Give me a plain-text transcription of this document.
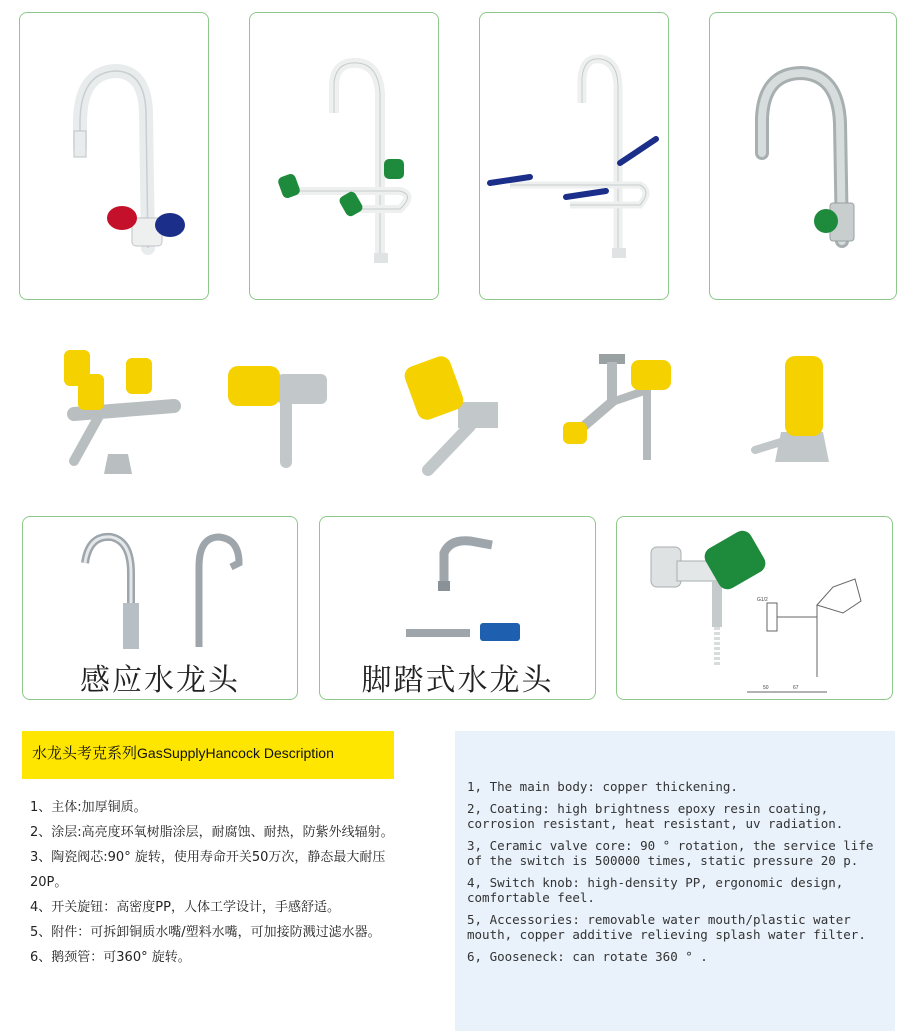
感应水龙头	脚踏式水龙头
G1/2
50	67
水龙头考克系列GasSupplyHancock Description
1、主体:加厚铜质。
2、涂层:高亮度环氧树脂涂层，耐腐蚀、耐热，防紫外线辐射。
3、陶瓷阀芯:90° 旋转，使用寿命开关50万次，静态最大耐压20P。
4、开关旋钮：高密度PP，人体工学设计，手感舒适。
5、附件：可拆卸铜质水嘴/塑料水嘴，可加接防溅过滤水器。
6、鹅颈管：可360° 旋转。
1, The main body: copper thickening.
2, Coating: high brightness epoxy resin coating, corrosion resistant, heat resistant, uv radiation.
3, Ceramic valve core: 90 ° rotation, the service life of the switch is 500000 times, static pressure 20 p.
4, Switch knob: high-density PP, ergonomic design, comfortable feel.
5, Accessories: removable water mouth/plastic water mouth, copper additive relieving splash water filter.
6, Gooseneck: can rotate 360 ° .
